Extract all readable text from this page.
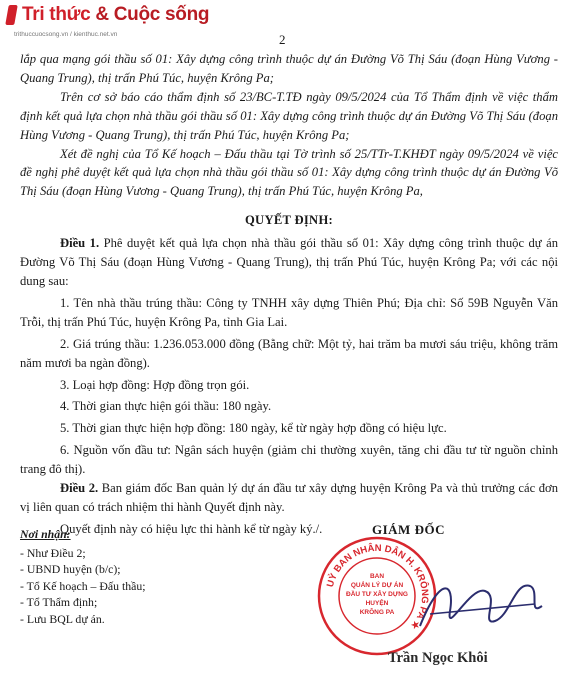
Tri thức & Cuộc sống
trithuccuocsong.vn / kienthuc.net.vn	2

lắp qua mạng gói thầu số 01: Xây dựng công trình thuộc dự án Đường Võ Thị Sáu (đoạn Hùng Vương - Quang Trung), thị trấn Phú Túc, huyện Krông Pa;

Trên cơ sở báo cáo thẩm định số 23/BC-T.TĐ ngày 09/5/2024 của Tổ Thẩm định về việc thẩm định kết quả lựa chọn nhà thầu gói thầu số 01: Xây dựng công trình thuộc dự án Đường Võ Thị Sáu (đoạn Hùng Vương - Quang Trung), thị trấn Phú Túc, huyện Krông Pa;

Xét đề nghị của Tổ Kế hoạch – Đấu thầu tại Tờ trình số 25/TTr-T.KHĐT ngày 09/5/2024 về việc đề nghị phê duyệt kết quả lựa chọn nhà thầu gói thầu số 01: Xây dựng công trình thuộc dự án Đường Võ Thị Sáu (đoạn Hùng Vương - Quang Trung), thị trấn Phú Túc, huyện Krông Pa,

QUYẾT ĐỊNH:

Điều 1. Phê duyệt kết quả lựa chọn nhà thầu gói thầu số 01: Xây dựng công trình thuộc dự án Đường Võ Thị Sáu (đoạn Hùng Vương - Quang Trung), thị trấn Phú Túc, huyện Krông Pa; với các nội dung sau:

1. Tên nhà thầu trúng thầu: Công ty TNHH xây dựng Thiên Phú; Địa chỉ: Số 59B Nguyễn Văn Trỗi, thị trấn Phú Túc, huyện Krông Pa, tỉnh Gia Lai.

2. Giá trúng thầu: 1.236.053.000 đồng (Bằng chữ: Một tỷ, hai trăm ba mươi sáu triệu, không trăm năm mươi ba ngàn đồng).

3. Loại hợp đồng: Hợp đồng trọn gói.

4. Thời gian thực hiện gói thầu: 180 ngày.

5. Thời gian thực hiện hợp đồng: 180 ngày, kể từ ngày hợp đồng có hiệu lực.

6. Nguồn vốn đầu tư: Ngân sách huyện (giảm chi thường xuyên, tăng chi đầu tư từ nguồn chỉnh trang đô thị).

Điều 2. Ban giám đốc Ban quản lý dự án đầu tư xây dựng huyện Krông Pa và thủ trưởng các đơn vị liên quan có trách nhiệm thi hành Quyết định này.

Quyết định này có hiệu lực thi hành kể từ ngày ký./.

Nơi nhận:
- Như Điều 2;
- UBND huyện (b/c);
- Tổ Kế hoạch – Đấu thầu;
- Tổ Thẩm định;
- Lưu BQL dự án.
GIÁM ĐỐC
UỶ BAN NHÂN DÂN H. KRÔNG PA ★
BAN
QUẢN LÝ DỰ ÁN
ĐẦU TƯ XÂY DỰNG
HUYỆN
KRÔNG PA
Trần Ngọc Khôi
